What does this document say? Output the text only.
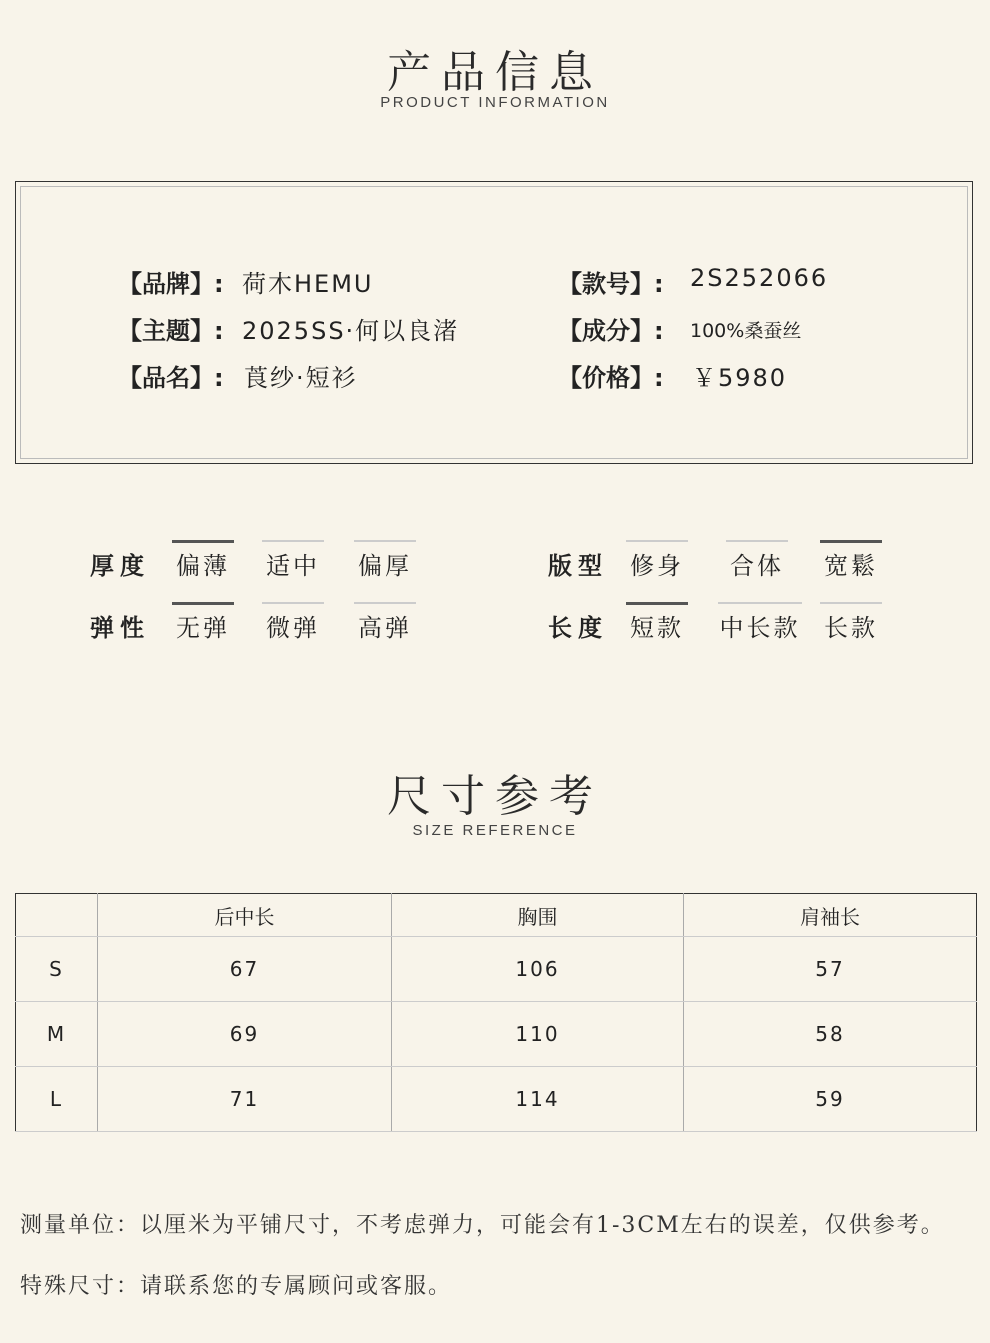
产品信息
PRODUCT INFORMATION
【品牌】: 荷木HEMU
【主题】: 2025SS·何以良渚
【品名】: 莨纱·短衫
【款号】: 2S252066
【成分】: 100%桑蚕丝
【价格】: ￥5980
厚度	偏薄	适中	偏厚
弹性	无弹	微弹	高弹
版型 修身	合体	宽鬆
长度 短款	中长款 长款
尺寸参考
SIZE REFERENCE
	后中长	胸围	肩袖长
S	67	106	57
M	69	110	58
L	71	114	59
测量单位：以厘米为平铺尺寸，不考虑弹力，可能会有1-3CM左右的误差，仅供参考。
特殊尺寸：请联系您的专属顾问或客服。
